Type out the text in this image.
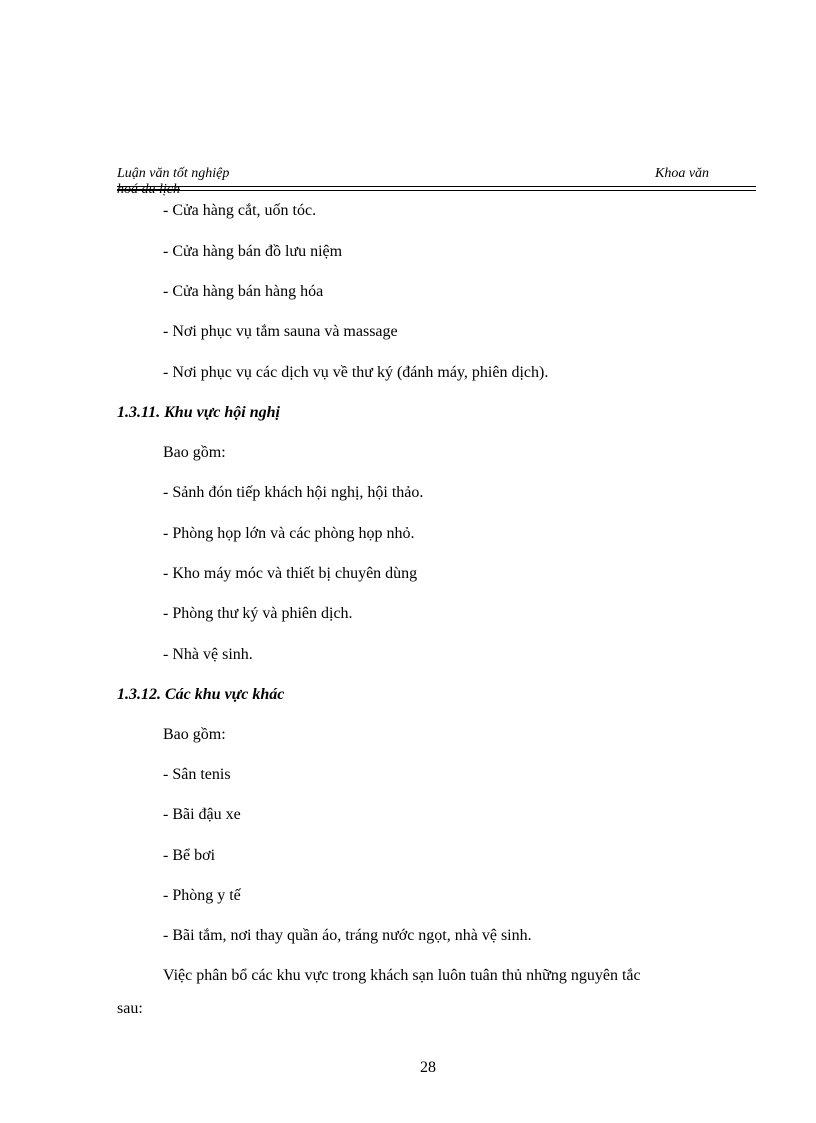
Luận văn tốt nghiệp
hoá du lịch
Khoa văn
- Cửa hàng cắt, uốn tóc.
- Cửa hàng bán đồ lưu niệm
- Cửa hàng bán hàng hóa
- Nơi phục vụ tắm sauna và massage
- Nơi phục vụ các dịch vụ về thư ký (đánh máy, phiên dịch).
1.3.11. Khu vực hội nghị
Bao gồm:
- Sảnh đón tiếp khách hội nghị, hội thảo.
- Phòng họp lớn và các phòng họp nhỏ.
- Kho máy móc và thiết bị chuyên dùng
- Phòng thư ký và phiên dịch.
- Nhà vệ sinh.
1.3.12. Các khu vực khác
Bao gồm:
- Sân tenis
- Bãi đậu xe
- Bể bơi
- Phòng y tế
- Bãi tắm, nơi thay quần áo, tráng nước ngọt, nhà vệ sinh.
Việc phân bổ các khu vực trong khách sạn luôn tuân thủ những nguyên tắc
sau:
28
